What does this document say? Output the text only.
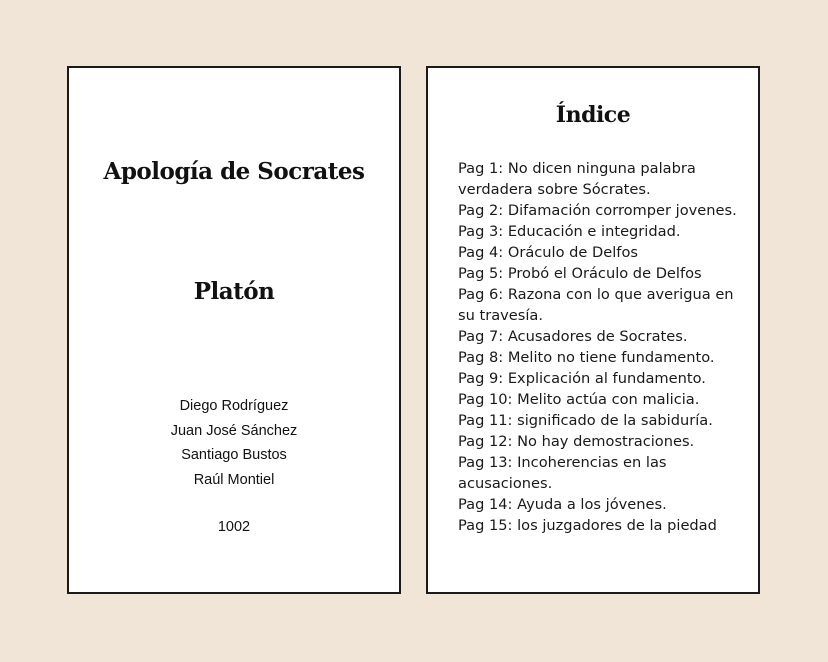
Apología de Socrates
Platón
Diego Rodríguez
Juan José Sánchez
Santiago Bustos
Raúl Montiel

1002

Índice
Pag 1: No dicen ninguna palabra verdadera sobre Sócrates.
Pag 2: Difamación corromper jovenes.
Pag 3: Educación e integridad.
Pag 4: Oráculo de Delfos
Pag 5: Probó el Oráculo de Delfos
Pag 6: Razona con lo que averigua en su travesía.
Pag 7: Acusadores de Socrates.
Pag 8: Melito no tiene fundamento.
Pag 9: Explicación al fundamento.
Pag 10: Melito actúa con malicia.
Pag 11: significado de la sabiduría.
Pag 12: No hay demostraciones.
Pag 13: Incoherencias en las acusaciones.
Pag 14: Ayuda a los jóvenes.
Pag 15: los juzgadores de la piedad
